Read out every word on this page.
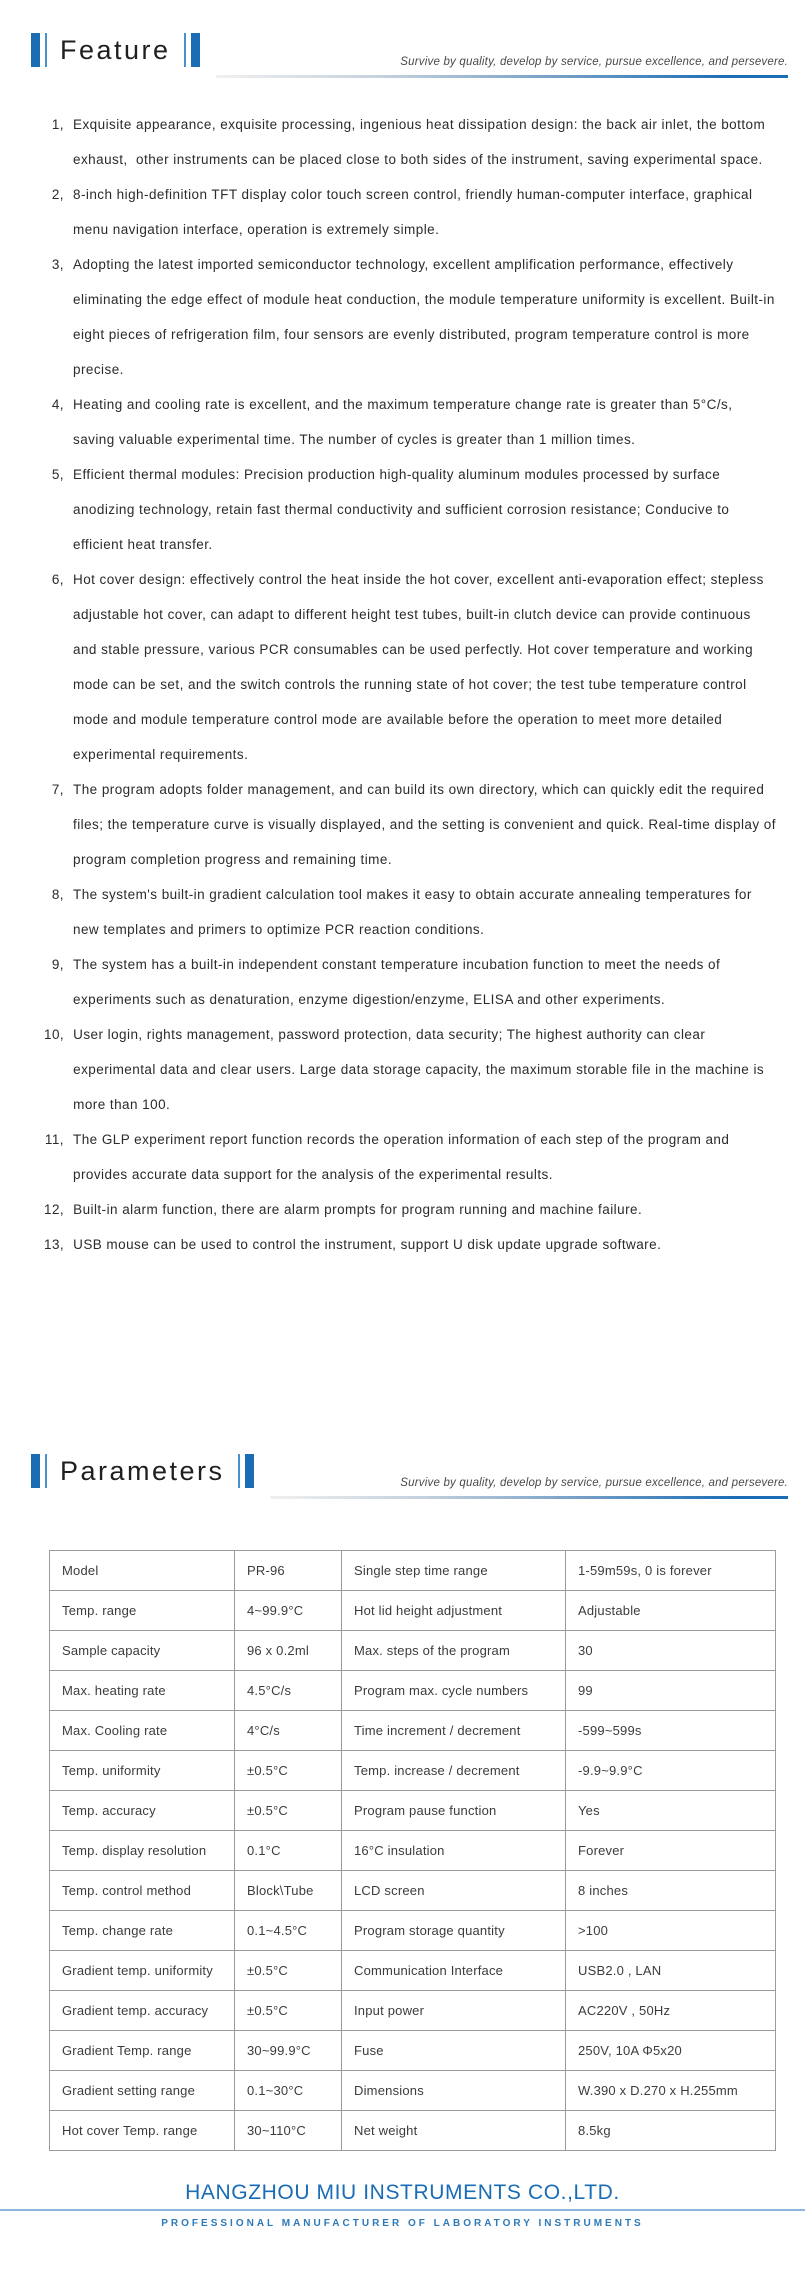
Feature	Survive by quality, develop by service, pursue excellence, and persevere.
1 , Exquisite appearance, exquisite processing, ingenious heat dissipation design: the back air inlet, the bottom exhaust,  other instruments can be placed close to both sides of the instrument, saving experimental space.
2 , 8-inch high-definition TFT display color touch screen control, friendly human-computer interface, graphical menu navigation interface, operation is extremely simple.
3 , Adopting the latest imported semiconductor technology, excellent amplification performance, effectively eliminating the edge effect of module heat conduction, the module temperature uniformity is excellent. Built-in eight pieces of refrigeration film, four sensors are evenly distributed, program temperature control is more precise.
4 , Heating and cooling rate is excellent, and the maximum temperature change rate is greater than 5°C/s, saving valuable experimental time. The number of cycles is greater than 1 million times.
5 , Efficient thermal modules: Precision production high-quality aluminum modules processed by surface anodizing technology, retain fast thermal conductivity and sufficient corrosion resistance; Conducive to efficient heat transfer.
6 , Hot cover design: effectively control the heat inside the hot cover, excellent anti-evaporation effect; stepless adjustable hot cover, can adapt to different height test tubes, built-in clutch device can provide continuous and stable pressure, various PCR consumables can be used perfectly. Hot cover temperature and working mode can be set, and the switch controls the running state of hot cover; the test tube temperature control mode and module temperature control mode are available before the operation to meet more detailed experimental requirements.
7 , The program adopts folder management, and can build its own directory, which can quickly edit the required files; the temperature curve is visually displayed, and the setting is convenient and quick. Real-time display of program completion progress and remaining time.
8 , The system's built-in gradient calculation tool makes it easy to obtain accurate annealing temperatures for new templates and primers to optimize PCR reaction conditions.
9 , The system has a built-in independent constant temperature incubation function to meet the needs of experiments such as denaturation, enzyme digestion/enzyme, ELISA and other experiments.
10 , User login, rights management, password protection, data security; The highest authority can clear experimental data and clear users. Large data storage capacity, the maximum storable file in the machine is more than 100.
11 , The GLP experiment report function records the operation information of each step of the program and provides accurate data support for the analysis of the experimental results.
12 , Built-in alarm function, there are alarm prompts for program running and machine failure.
13 , USB mouse can be used to control the instrument, support U disk update upgrade software.
Parameters	Survive by quality, develop by service, pursue excellence, and persevere.
Model	PR-96	Single step time range	1-59m59s, 0 is forever
Temp. range	4~99.9°C	Hot lid height adjustment	Adjustable
Sample capacity	96 x 0.2ml	Max. steps of the program	30
Max. heating rate	4.5°C/s	Program max. cycle numbers	99
Max. Cooling rate	4°C/s	Time increment / decrement	-599~599s
Temp. uniformity	±0.5°C	Temp. increase / decrement	-9.9~9.9°C
Temp. accuracy	±0.5°C	Program pause function	Yes
Temp. display resolution	0.1°C	16°C insulation	Forever
Temp. control method	Block\Tube	LCD screen	8 inches
Temp. change rate	0.1~4.5°C	Program storage quantity	>100
Gradient temp. uniformity	±0.5°C	Communication Interface	USB2.0 , LAN
Gradient temp. accuracy	±0.5°C	Input power	AC220V , 50Hz
Gradient Temp. range	30~99.9°C	Fuse	250V, 10A Φ5x20
Gradient setting range	0.1~30°C	Dimensions	W.390 x D.270 x H.255mm
Hot cover Temp. range	30~110°C	Net weight	8.5kg
HANGZHOU MIU INSTRUMENTS CO.,LTD.
PROFESSIONAL MANUFACTURER OF LABORATORY INSTRUMENTS
